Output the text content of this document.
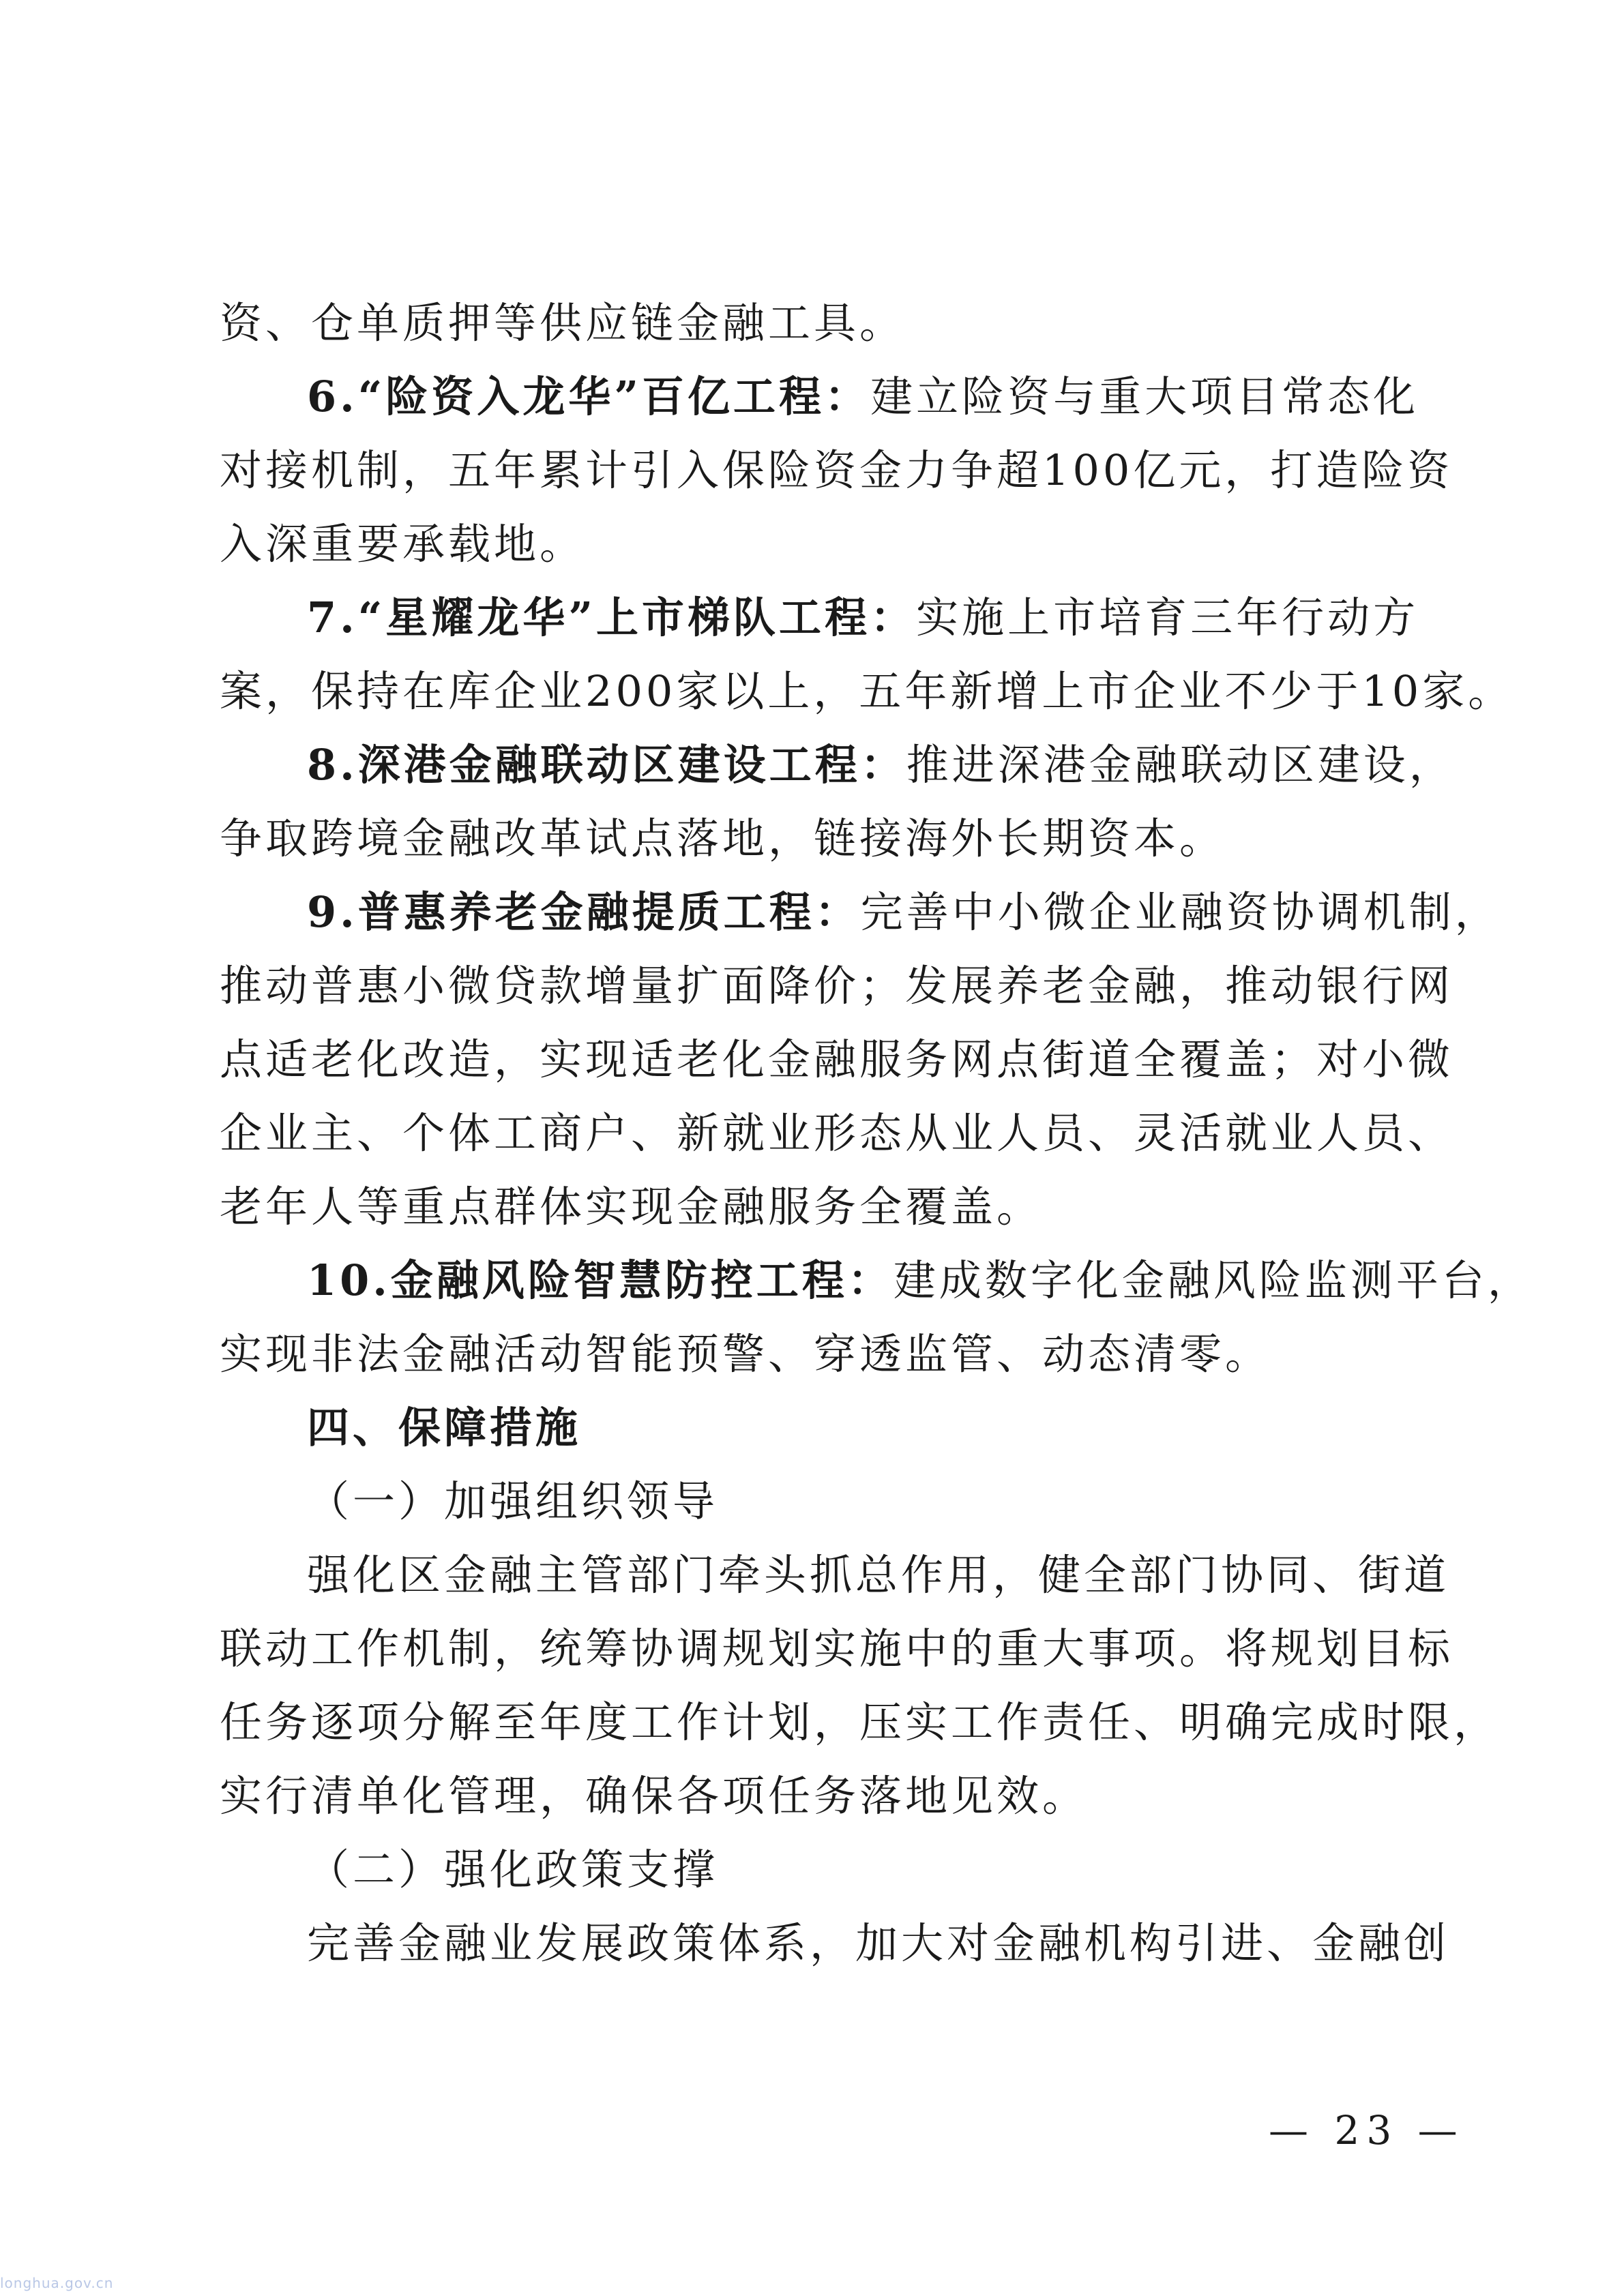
资、仓单质押等供应链金融工具。
6.“险资入龙华”百亿工程：建立险资与重大项目常态化
对接机制，五年累计引入保险资金力争超100亿元，打造险资
入深重要承载地。
7.“星耀龙华”上市梯队工程：实施上市培育三年行动方
案，保持在库企业200家以上，五年新增上市企业不少于10家。
8.深港金融联动区建设工程：推进深港金融联动区建设，
争取跨境金融改革试点落地，链接海外长期资本。
9.普惠养老金融提质工程：完善中小微企业融资协调机制，
推动普惠小微贷款增量扩面降价；发展养老金融，推动银行网
点适老化改造，实现适老化金融服务网点街道全覆盖；对小微
企业主、个体工商户、新就业形态从业人员、灵活就业人员、
老年人等重点群体实现金融服务全覆盖。
10.金融风险智慧防控工程：建成数字化金融风险监测平台，
实现非法金融活动智能预警、穿透监管、动态清零。
四、保障措施
（一）加强组织领导
强化区金融主管部门牵头抓总作用，健全部门协同、街道
联动工作机制，统筹协调规划实施中的重大事项。将规划目标
任务逐项分解至年度工作计划，压实工作责任、明确完成时限，
实行清单化管理，确保各项任务落地见效。
（二）强化政策支撑
完善金融业发展政策体系，加大对金融机构引进、金融创
— 23 —
longhua.gov.cn
